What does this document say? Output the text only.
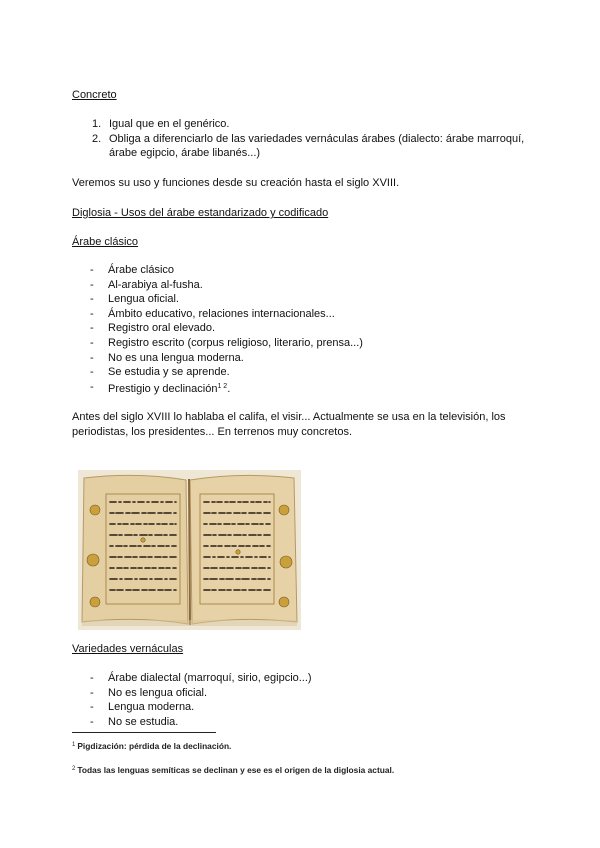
Concreto
1. Igual que en el genérico.
2. Obliga a diferenciarlo de las variedades vernáculas árabes (dialecto: árabe marroquí, árabe egipcio, árabe libanés...)
Veremos su uso y funciones desde su creación hasta el siglo XVIII.
Diglosia - Usos del árabe estandarizado y codificado
Árabe clásico
- Árabe clásico
- Al-arabiya al-fusha.
- Lengua oficial.
- Ámbito educativo, relaciones internacionales...
- Registro oral elevado.
- Registro escrito (corpus religioso, literario, prensa...)
- No es una lengua moderna.
- Se estudia y se aprende.
- Prestigio y declinación$^{1 2}$.
Antes del siglo XVIII lo hablaba el califa, el visir... Actualmente se usa en la televisión, los periodistas, los presidentes... En terrenos muy concretos.
Variedades vernáculas
- Árabe dialectal (marroquí, sirio, egipcio...)
- No es lengua oficial.
- Lengua moderna.
- No se estudia.
$^1$ Pigdización: pérdida de la declinación.
$^2$ Todas las lenguas semíticas se declinan y ese es el origen de la diglosia actual.
